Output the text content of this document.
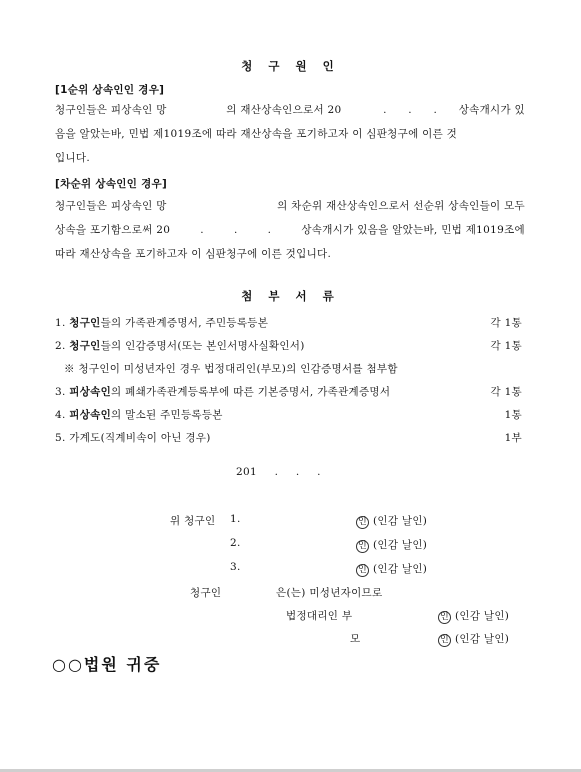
청 구 원 인
[1순위 상속인인 경우]
청구인들은 피상속인 망	의 재산상속인으로서 20	. . . 상속개시가 있
음을 알았는바, 민법 제1019조에 따라 재산상속을 포기하고자 이 심판청구에 이른 것
입니다.
[차순위 상속인인 경우]
청구인들은 피상속인 망	의 차순위 재산상속인으로서 선순위 상속인들이 모두
상속을 포기함으로써 20	.	.	.	상속개시가 있음을 알았는바, 민법 제1019조에
따라 재산상속을 포기하고자 이 심판청구에 이른 것입니다.
첨 부 서 류
1. 청구인들의 가족관계증명서, 주민등록등본	각 1통
2. 청구인들의 인감증명서(또는 본인서명사실확인서)	각 1통
※ 청구인이 미성년자인 경우 법정대리인(부모)의 인감증명서를 첨부함
3. 피상속인의 폐쇄가족관계등록부에 따른 기본증명서, 가족관계증명서	각 1통
4. 피상속인의 말소된 주민등록등본	1통
5. 가계도(직계비속이 아닌 경우)	1부
201 . . .
위 청구인 1.	인 (인감 날인)
2.	인 (인감 날인)
3.	인 (인감 날인)
청구인	은(는) 미성년자이므로
법정대리인 부	인 (인감 날인)
모	인 (인감 날인)
○○법원 귀중
